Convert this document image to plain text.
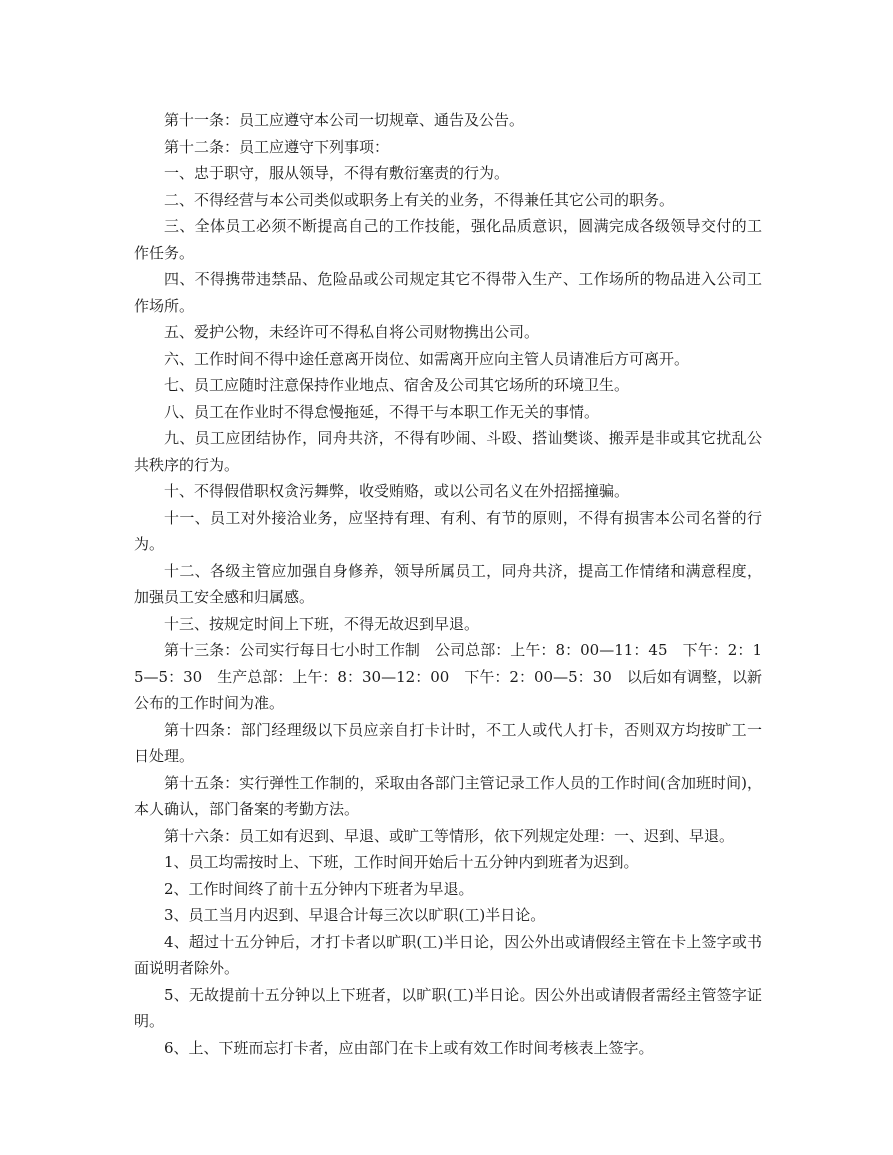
第十一条：员工应遵守本公司一切规章、通告及公告。

第十二条：员工应遵守下列事项：

一、忠于职守，服从领导，不得有敷衍塞责的行为。

二、不得经营与本公司类似或职务上有关的业务，不得兼任其它公司的职务。

三、全体员工必须不断提高自己的工作技能，强化品质意识，圆满完成各级领导交付的工作任务。

四、不得携带违禁品、危险品或公司规定其它不得带入生产、工作场所的物品进入公司工作场所。

五、爱护公物，未经许可不得私自将公司财物携出公司。

六、工作时间不得中途任意离开岗位、如需离开应向主管人员请准后方可离开。

七、员工应随时注意保持作业地点、宿舍及公司其它场所的环境卫生。

八、员工在作业时不得怠慢拖延，不得干与本职工作无关的事情。

九、员工应团结协作，同舟共济，不得有吵闹、斗殴、搭讪樊谈、搬弄是非或其它扰乱公共秩序的行为。

十、不得假借职权贪污舞弊，收受贿赂，或以公司名义在外招摇撞骗。

十一、员工对外接洽业务，应坚持有理、有利、有节的原则，不得有损害本公司名誉的行为。

十二、各级主管应加强自身修养，领导所属员工，同舟共济，提高工作情绪和满意程度，加强员工安全感和归属感。

十三、按规定时间上下班，不得无故迟到早退。

第十三条：公司实行每日七小时工作制　公司总部：上午：8：00—11：45　下午：2：15—5：30　生产总部：上午：8：30—12：00　下午：2：00—5：30　以后如有调整，以新公布的工作时间为准。

第十四条：部门经理级以下员应亲自打卡计时，不工人或代人打卡，否则双方均按旷工一日处理。

第十五条：实行弹性工作制的，采取由各部门主管记录工作人员的工作时间(含加班时间)，本人确认，部门备案的考勤方法。

第十六条：员工如有迟到、早退、或旷工等情形，依下列规定处理：一、迟到、早退。

1、员工均需按时上、下班，工作时间开始后十五分钟内到班者为迟到。

2、工作时间终了前十五分钟内下班者为早退。

3、员工当月内迟到、早退合计每三次以旷职(工)半日论。

4、超过十五分钟后，才打卡者以旷职(工)半日论，因公外出或请假经主管在卡上签字或书面说明者除外。

5、无故提前十五分钟以上下班者，以旷职(工)半日论。因公外出或请假者需经主管签字证明。

6、上、下班而忘打卡者，应由部门在卡上或有效工作时间考核表上签字。
